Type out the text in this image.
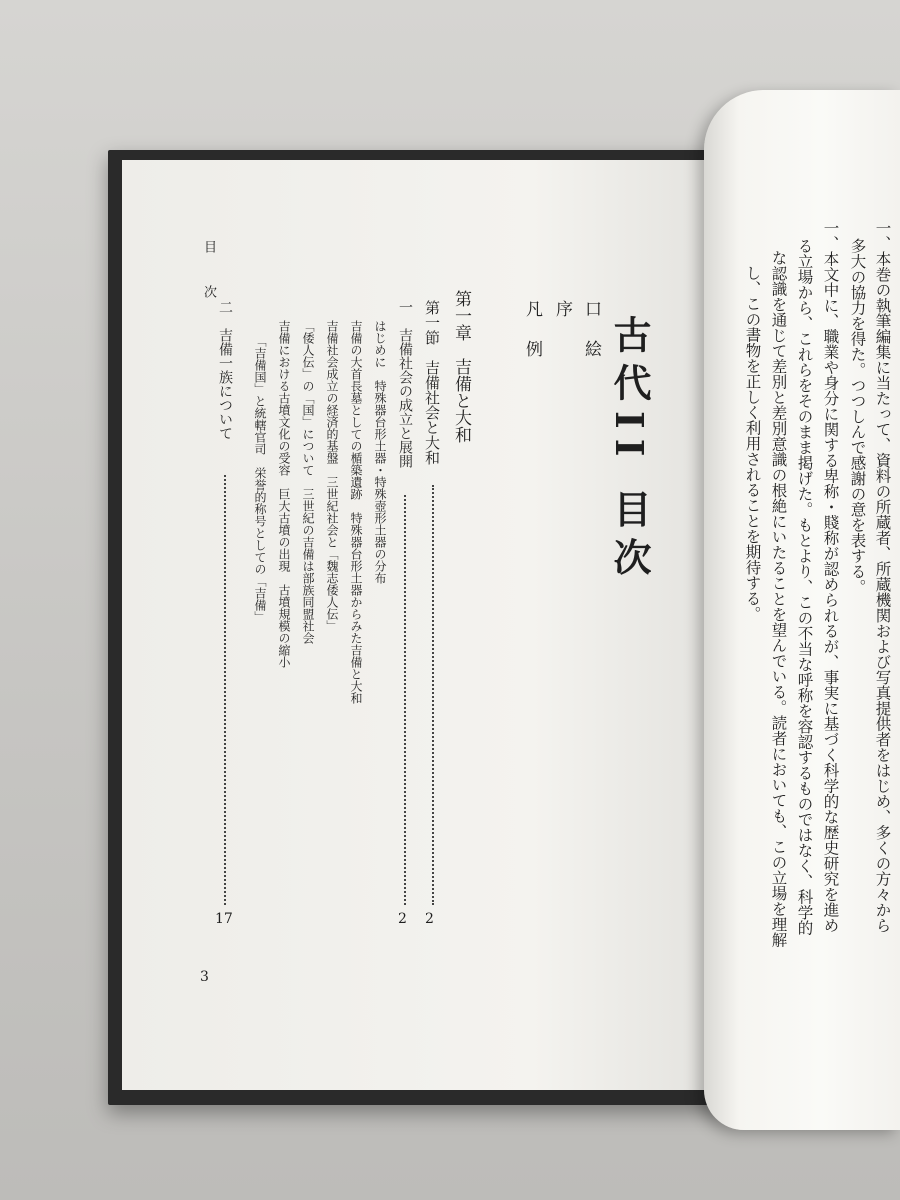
目 次
古代II 目次
口　絵
序
凡　例
第一章　吉備と大和
第一節　吉備社会と大和
2
一　吉備社会の成立と展開
2
はじめに　特殊器台形土器・特殊壺形土器の分布
吉備の大首長墓としての楯築遺跡　特殊器台形土器からみた吉備と大和
吉備社会成立の経済的基盤　三世紀社会と「魏志倭人伝」
「倭人伝」の「国」について　三世紀の吉備は部族同盟社会
吉備における古墳文化の受容　巨大古墳の出現　古墳規模の縮小
「吉備国」と統轄官司　栄誉的称号としての「吉備」
二　吉備一族について
17
3
一、本巻の執筆編集に当たって、資料の所蔵者、所蔵機関および写真提供者をはじめ、多くの方々から
多大の協力を得た。つつしんで感謝の意を表する。
一、本文中に、職業や身分に関する卑称・賤称が認められるが、事実に基づく科学的な歴史研究を進め
る立場から、これらをそのまま掲げた。もとより、この不当な呼称を容認するものではなく、科学的
な認識を通じて差別と差別意識の根絶にいたることを望んでいる。読者においても、この立場を理解
し、この書物を正しく利用されることを期待する。
